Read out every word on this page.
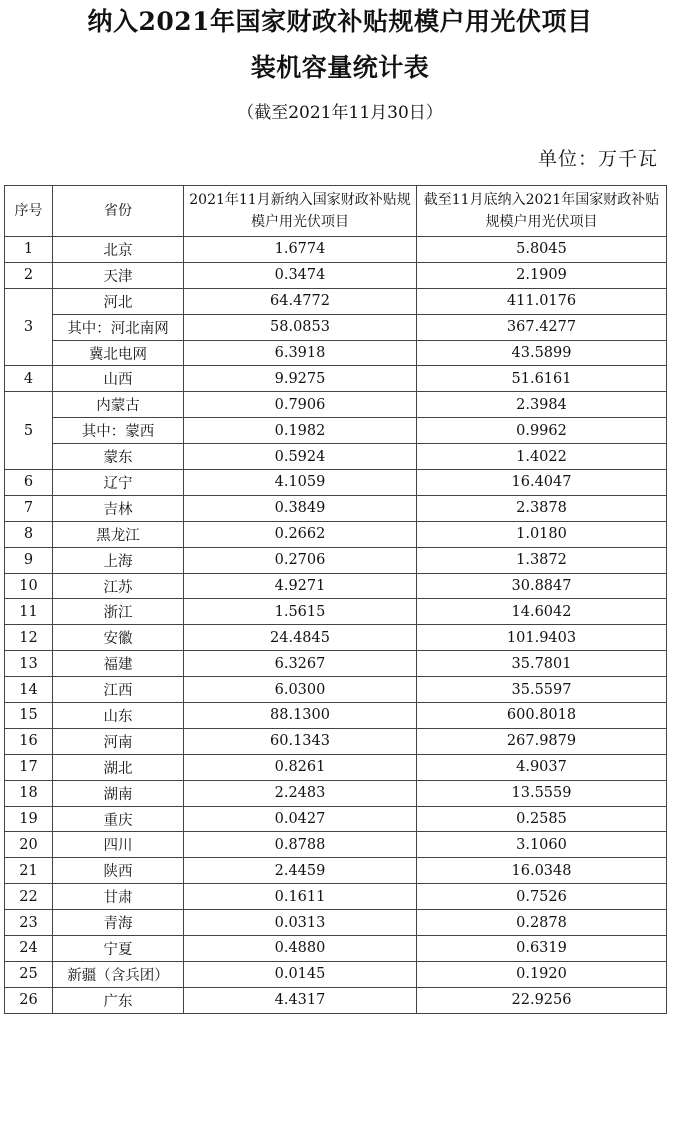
纳入2021年国家财政补贴规模户用光伏项目
装机容量统计表
（截至2021年11月30日）
单位：万千瓦
序号	省份	2021年11月新纳入国家财政补贴规模户用光伏项目	截至11月底纳入2021年国家财政补贴规模户用光伏项目
1	北京	1.6774	5.8045
2	天津	0.3474	2.1909
3	河北	64.4772	411.0176
	其中：河北南网	58.0853	367.4277
	冀北电网	6.3918	43.5899
4	山西	9.9275	51.6161
5	内蒙古	0.7906	2.3984
	其中：蒙西	0.1982	0.9962
	蒙东	0.5924	1.4022
6	辽宁	4.1059	16.4047
7	吉林	0.3849	2.3878
8	黑龙江	0.2662	1.0180
9	上海	0.2706	1.3872
10	江苏	4.9271	30.8847
11	浙江	1.5615	14.6042
12	安徽	24.4845	101.9403
13	福建	6.3267	35.7801
14	江西	6.0300	35.5597
15	山东	88.1300	600.8018
16	河南	60.1343	267.9879
17	湖北	0.8261	4.9037
18	湖南	2.2483	13.5559
19	重庆	0.0427	0.2585
20	四川	0.8788	3.1060
21	陕西	2.4459	16.0348
22	甘肃	0.1611	0.7526
23	青海	0.0313	0.2878
24	宁夏	0.4880	0.6319
25	新疆（含兵团）	0.0145	0.1920
26	广东	4.4317	22.9256
